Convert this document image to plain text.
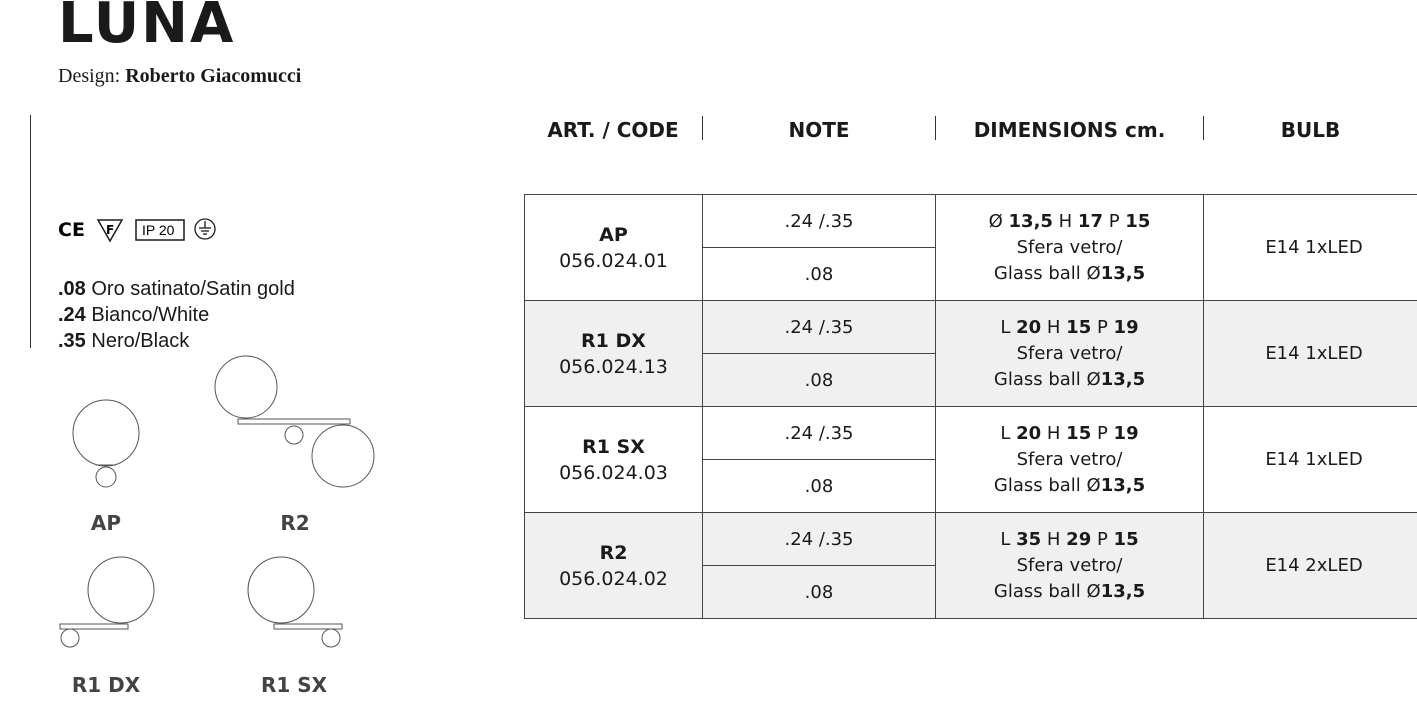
LUNA
Design: Roberto Giacomucci
CE F IP 20
.08 Oro satinato/Satin gold
.24 Bianco/White
.35 Nero/Black
AP	R2
R1 DX	R1 SX
ART. / CODE	NOTE	DIMENSIONS cm.	BULB
AP
056.024.01	.24 /.35	Ø 13,5 H 17 P 15
Sfera vetro/
Glass ball Ø13,5	E14 1xLED
	.08		

R1 DX
056.024.13	.24 /.35	L 20 H 15 P 19
Sfera vetro/
Glass ball Ø13,5	E14 1xLED
	.08		

R1 SX
056.024.03	.24 /.35	L 20 H 15 P 19
Sfera vetro/
Glass ball Ø13,5	E14 1xLED
	.08		

R2
056.024.02	.24 /.35	L 35 H 29 P 15
Sfera vetro/
Glass ball Ø13,5	E14 2xLED
	.08		
